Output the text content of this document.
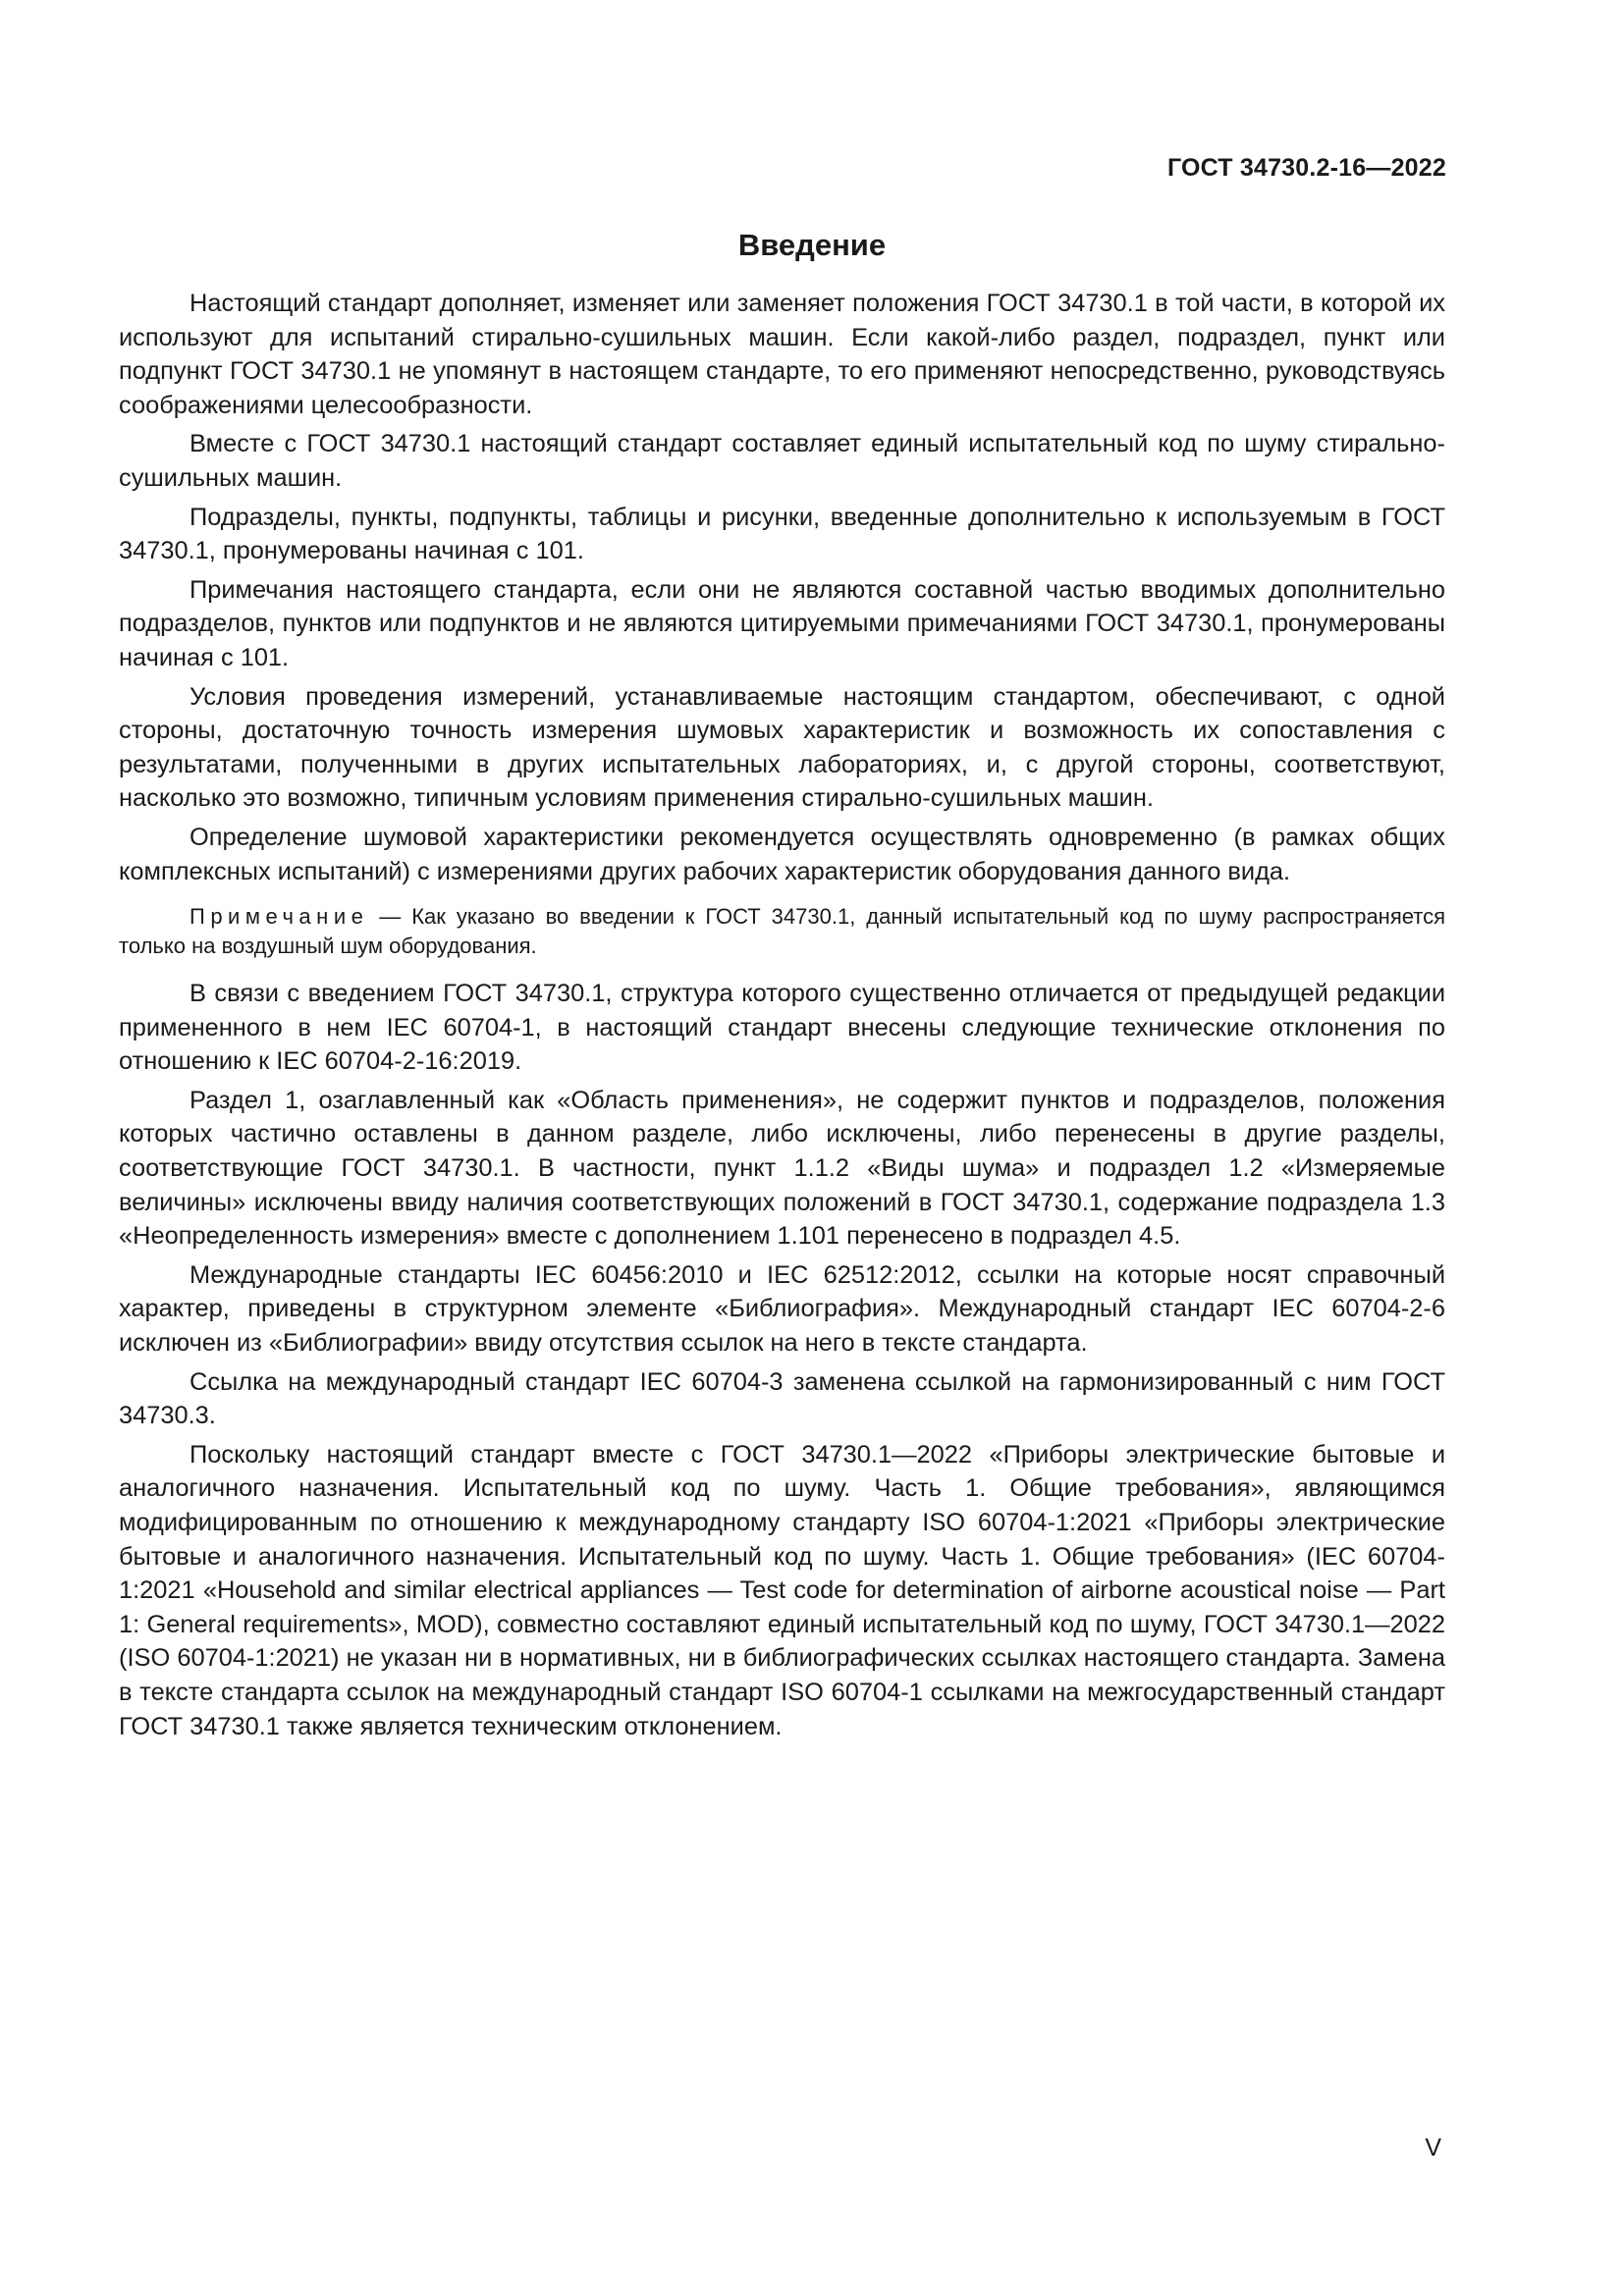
ГОСТ 34730.2-16—2022
Введение

Настоящий стандарт дополняет, изменяет или заменяет положения ГОСТ 34730.1 в той части, в которой их используют для испытаний стирально-сушильных машин. Если какой-либо раздел, подраздел, пункт или подпункт ГОСТ 34730.1 не упомянут в настоящем стандарте, то его применяют непосредственно, руководствуясь соображениями целесообразности.

Вместе с ГОСТ 34730.1 настоящий стандарт составляет единый испытательный код по шуму стирально-сушильных машин.

Подразделы, пункты, подпункты, таблицы и рисунки, введенные дополнительно к используемым в ГОСТ 34730.1, пронумерованы начиная с 101.

Примечания настоящего стандарта, если они не являются составной частью вводимых дополнительно подразделов, пунктов или подпунктов и не являются цитируемыми примечаниями ГОСТ 34730.1, пронумерованы начиная с 101.

Условия проведения измерений, устанавливаемые настоящим стандартом, обеспечивают, с одной стороны, достаточную точность измерения шумовых характеристик и возможность их сопоставления с результатами, полученными в других испытательных лабораториях, и, с другой стороны, соответствуют, насколько это возможно, типичным условиям применения стирально-сушильных машин.

Определение шумовой характеристики рекомендуется осуществлять одновременно (в рамках общих комплексных испытаний) с измерениями других рабочих характеристик оборудования данного вида.

Примечание — Как указано во введении к ГОСТ 34730.1, данный испытательный код по шуму распространяется только на воздушный шум оборудования.

В связи с введением ГОСТ 34730.1, структура которого существенно отличается от предыдущей редакции примененного в нем IEC 60704-1, в настоящий стандарт внесены следующие технические отклонения по отношению к IEC 60704-2-16:2019.

Раздел 1, озаглавленный как «Область применения», не содержит пунктов и подразделов, положения которых частично оставлены в данном разделе, либо исключены, либо перенесены в другие разделы, соответствующие ГОСТ 34730.1. В частности, пункт 1.1.2 «Виды шума» и подраздел 1.2 «Измеряемые величины» исключены ввиду наличия соответствующих положений в ГОСТ 34730.1, содержание подраздела 1.3 «Неопределенность измерения» вместе с дополнением 1.101 перенесено в подраздел 4.5.

Международные стандарты IEC 60456:2010 и IEC 62512:2012, ссылки на которые носят справочный характер, приведены в структурном элементе «Библиография». Международный стандарт IEC 60704-2-6 исключен из «Библиографии» ввиду отсутствия ссылок на него в тексте стандарта.

Ссылка на международный стандарт IEC 60704-3 заменена ссылкой на гармонизированный с ним ГОСТ 34730.3.

Поскольку настоящий стандарт вместе с ГОСТ 34730.1—2022 «Приборы электрические бытовые и аналогичного назначения. Испытательный код по шуму. Часть 1. Общие требования», являющимся модифицированным по отношению к международному стандарту ISO 60704-1:2021 «Приборы электрические бытовые и аналогичного назначения. Испытательный код по шуму. Часть 1. Общие требования» (IEC 60704-1:2021 «Household and similar electrical appliances — Test code for determination of airborne acoustical noise — Part 1: General requirements», MOD), совместно составляют единый испытательный код по шуму, ГОСТ 34730.1—2022 (ISO 60704-1:2021) не указан ни в нормативных, ни в библиографических ссылках настоящего стандарта. Замена в тексте стандарта ссылок на международный стандарт ISO 60704-1 ссылками на межгосударственный стандарт ГОСТ 34730.1 также является техническим отклонением.

V
